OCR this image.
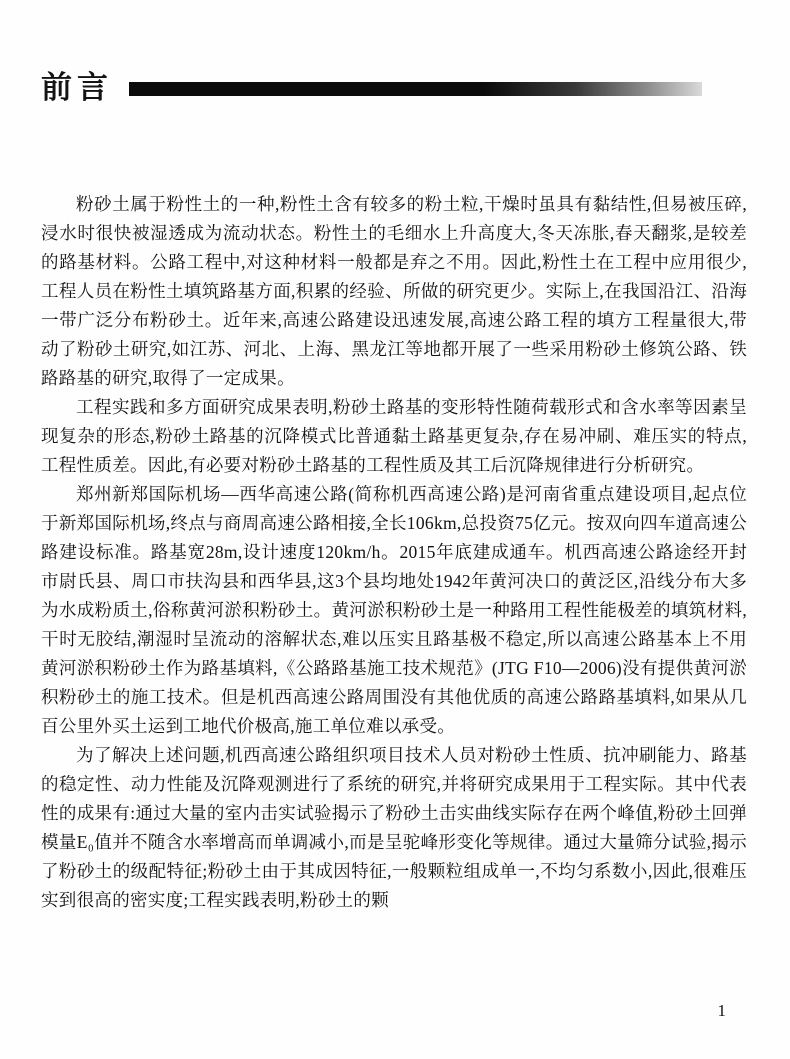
前言

粉砂土属于粉性土的一种,粉性土含有较多的粉土粒,干燥时虽具有黏结性,但易被压碎,浸水时很快被湿透成为流动状态。粉性土的毛细水上升高度大,冬天冻胀,春天翻浆,是较差的路基材料。公路工程中,对这种材料一般都是弃之不用。因此,粉性土在工程中应用很少,工程人员在粉性土填筑路基方面,积累的经验、所做的研究更少。实际上,在我国沿江、沿海一带广泛分布粉砂土。近年来,高速公路建设迅速发展,高速公路工程的填方工程量很大,带动了粉砂土研究,如江苏、河北、上海、黑龙江等地都开展了一些采用粉砂土修筑公路、铁路路基的研究,取得了一定成果。

工程实践和多方面研究成果表明,粉砂土路基的变形特性随荷载形式和含水率等因素呈现复杂的形态,粉砂土路基的沉降模式比普通黏土路基更复杂,存在易冲刷、难压实的特点,工程性质差。因此,有必要对粉砂土路基的工程性质及其工后沉降规律进行分析研究。

郑州新郑国际机场—西华高速公路(简称机西高速公路)是河南省重点建设项目,起点位于新郑国际机场,终点与商周高速公路相接,全长106km,总投资75亿元。按双向四车道高速公路建设标准。路基宽28m,设计速度120km/h。2015年底建成通车。机西高速公路途经开封市尉氏县、周口市扶沟县和西华县,这3个县均地处1942年黄河决口的黄泛区,沿线分布大多为水成粉质土,俗称黄河淤积粉砂土。黄河淤积粉砂土是一种路用工程性能极差的填筑材料,干时无胶结,潮湿时呈流动的溶解状态,难以压实且路基极不稳定,所以高速公路基本上不用黄河淤积粉砂土作为路基填料,《公路路基施工技术规范》(JTG F10—2006)没有提供黄河淤积粉砂土的施工技术。但是机西高速公路周围没有其他优质的高速公路路基填料,如果从几百公里外买土运到工地代价极高,施工单位难以承受。

为了解决上述问题,机西高速公路组织项目技术人员对粉砂土性质、抗冲刷能力、路基的稳定性、动力性能及沉降观测进行了系统的研究,并将研究成果用于工程实际。其中代表性的成果有:通过大量的室内击实试验揭示了粉砂土击实曲线实际存在两个峰值,粉砂土回弹模量E₀值并不随含水率增高而单调减小,而是呈驼峰形变化等规律。通过大量筛分试验,揭示了粉砂土的级配特征;粉砂土由于其成因特征,一般颗粒组成单一,不均匀系数小,因此,很难压实到很高的密实度;工程实践表明,粉砂土的颗

1
